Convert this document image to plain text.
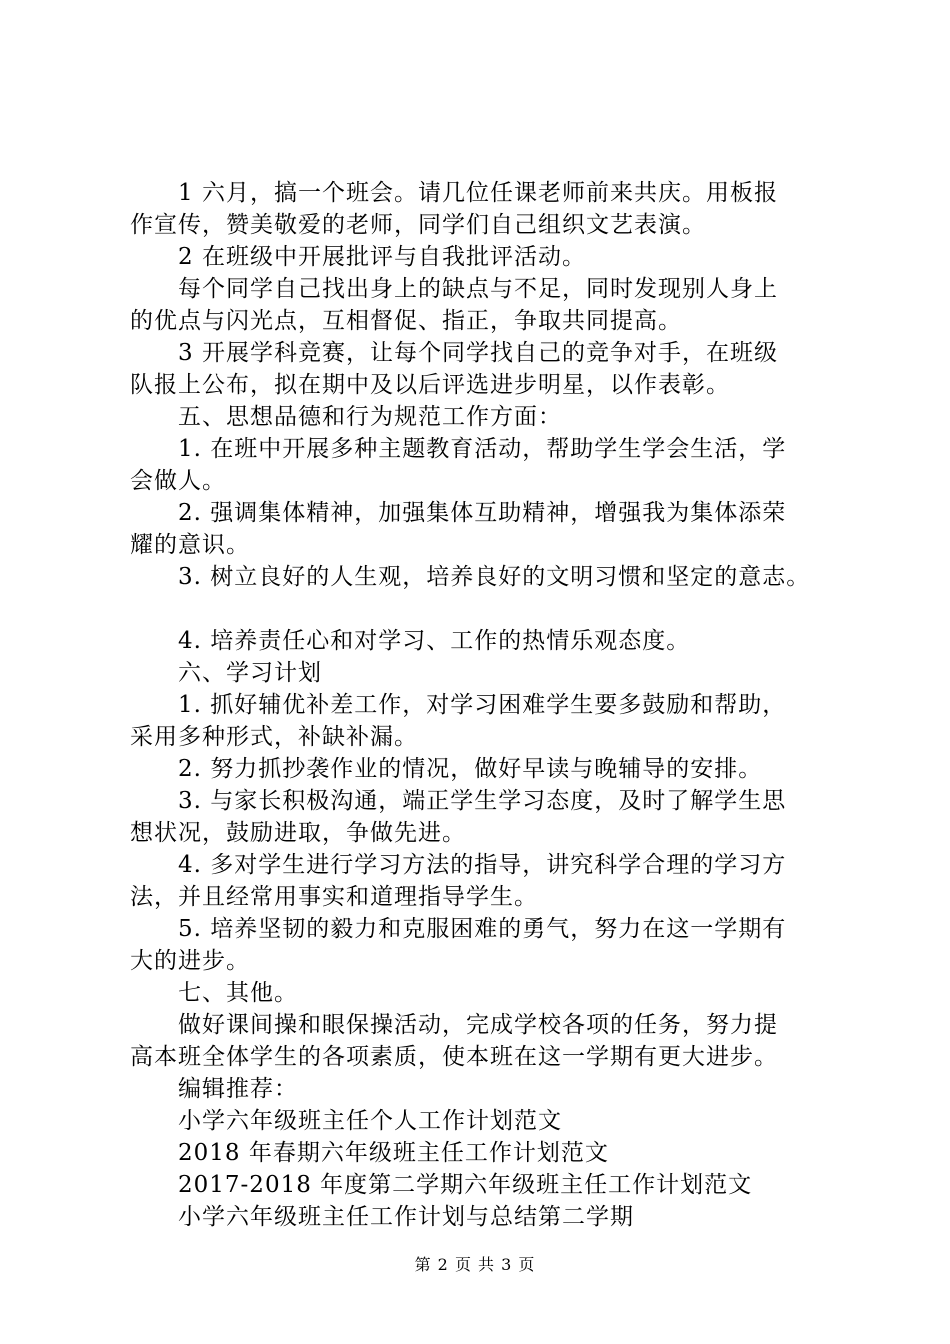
1 六月，搞一个班会。请几位任课老师前来共庆。用板报
作宣传，赞美敬爱的老师，同学们自己组织文艺表演。
2 在班级中开展批评与自我批评活动。
每个同学自己找出身上的缺点与不足，同时发现别人身上
的优点与闪光点，互相督促、指正，争取共同提高。
3 开展学科竞赛，让每个同学找自己的竞争对手，在班级
队报上公布，拟在期中及以后评选进步明星，以作表彰。
五、思想品德和行为规范工作方面：
1. 在班中开展多种主题教育活动，帮助学生学会生活，学
会做人。
2. 强调集体精神，加强集体互助精神，增强我为集体添荣
耀的意识。
3. 树立良好的人生观，培养良好的文明习惯和坚定的意志。
4. 培养责任心和对学习、工作的热情乐观态度。
六、学习计划
1. 抓好辅优补差工作，对学习困难学生要多鼓励和帮助，
采用多种形式，补缺补漏。
2. 努力抓抄袭作业的情况，做好早读与晚辅导的安排。
3. 与家长积极沟通，端正学生学习态度，及时了解学生思
想状况，鼓励进取，争做先进。
4. 多对学生进行学习方法的指导，讲究科学合理的学习方
法，并且经常用事实和道理指导学生。
5. 培养坚韧的毅力和克服困难的勇气，努力在这一学期有
大的进步。
七、其他。
做好课间操和眼保操活动，完成学校各项的任务，努力提
高本班全体学生的各项素质，使本班在这一学期有更大进步。
编辑推荐：
小学六年级班主任个人工作计划范文
2018 年春期六年级班主任工作计划范文
2017-2018 年度第二学期六年级班主任工作计划范文
小学六年级班主任工作计划与总结第二学期
第 2 页 共 3 页
